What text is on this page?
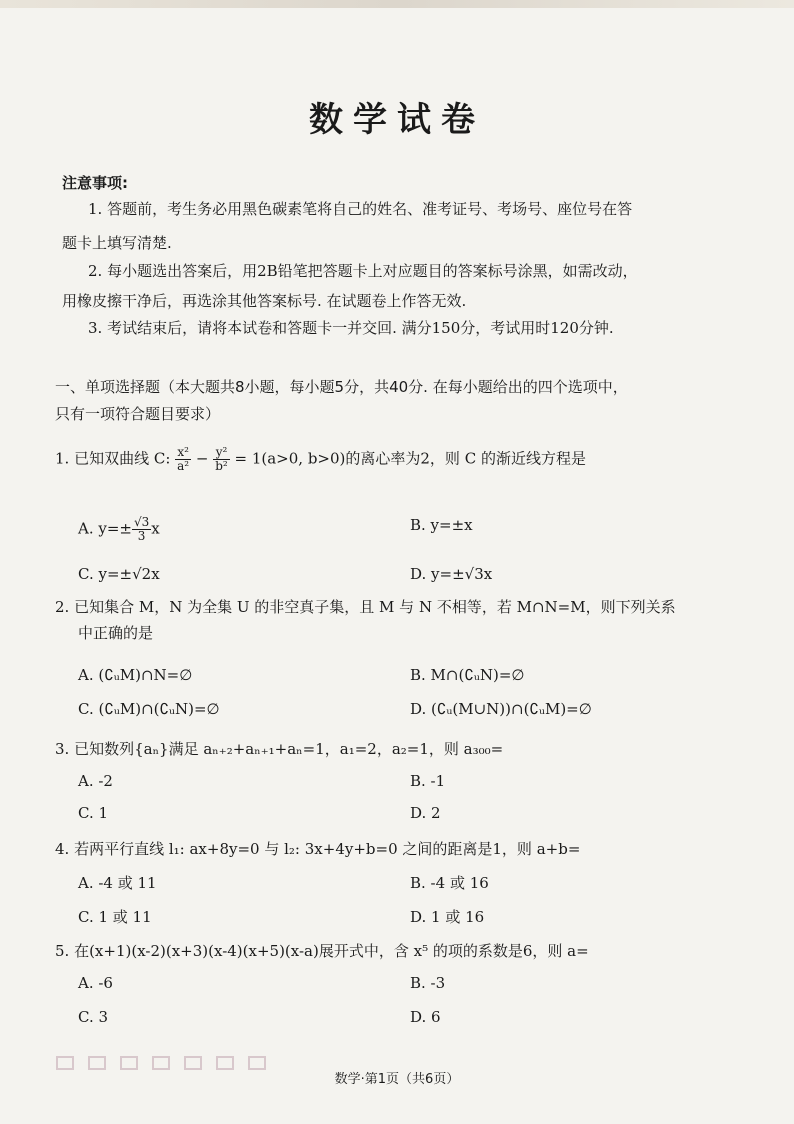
数学试卷
注意事项:
1. 答题前，考生务必用黑色碳素笔将自己的姓名、准考证号、考场号、座位号在答
题卡上填写清楚.
2. 每小题选出答案后，用2B铅笔把答题卡上对应题目的答案标号涂黑，如需改动，
用橡皮擦干净后，再选涂其他答案标号. 在试题卷上作答无效.
3. 考试结束后，请将本试卷和答题卡一并交回. 满分150分，考试用时120分钟.
一、单项选择题（本大题共8小题，每小题5分，共40分. 在每小题给出的四个选项中，
只有一项符合题目要求）
1. 已知双曲线 C: $\frac{\text{x²}}{\text{a²}} - \frac{\text{y²}}{\text{b²}} = 1(a>0$, b>0)的离心率为2，则 C 的渐近线方程是
A. $y=\pm \frac{√3}{3}$ x	B. y=±x
C. y=±√2x	D. y=±√3x
2. 已知集合 M，N 为全集 U 的非空真子集，且 M 与 N 不相等，若 M∩N=M，则下列关系
中正确的是
A. (∁ᵤM)∩N=∅	B. M∩(∁ᵤN)=∅
C. (∁ᵤM)∩(∁ᵤN)=∅	D. (∁ᵤ(M∪N))∩(∁ᵤM)=∅
3. 已知数列{aₙ}满足 aₙ₊₂+aₙ₊₁+aₙ=1，a₁=2，a₂=1，则 a₃₀₀=
A. -2	B. -1
C. 1	D. 2
4. 若两平行直线 l₁: ax+8y=0 与 l₂: 3x+4y+b=0 之间的距离是1，则 a+b=
A. -4 或 11	B. -4 或 16
C. 1 或 11	D. 1 或 16
5. 在(x+1)(x-2)(x+3)(x-4)(x+5)(x-a)展开式中，含 x⁵ 的项的系数是6，则 a=
A. -6	B. -3
C. 3	D. 6
数学·第1页（共6页）
